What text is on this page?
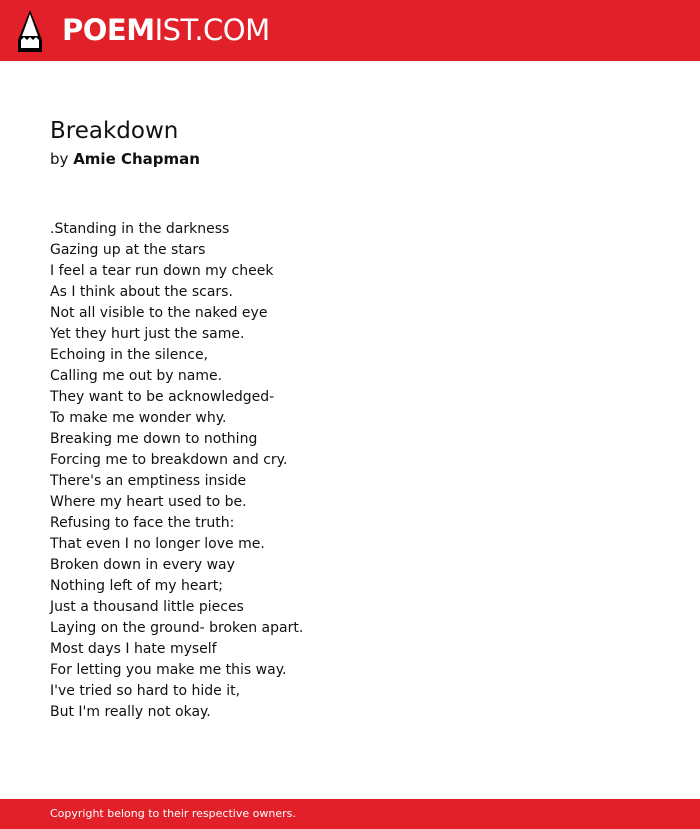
POEMIST.COM
Breakdown
by Amie Chapman
.Standing in the darkness
Gazing up at the stars
I feel a tear run down my cheek
As I think about the scars.
Not all visible to the naked eye
Yet they hurt just the same.
Echoing in the silence,
Calling me out by name.
They want to be acknowledged-
To make me wonder why.
Breaking me down to nothing
Forcing me to breakdown and cry.
There's an emptiness inside
Where my heart used to be.
Refusing to face the truth:
That even I no longer love me.
Broken down in every way
Nothing left of my heart;
Just a thousand little pieces
Laying on the ground- broken apart.
Most days I hate myself
For letting you make me this way.
I've tried so hard to hide it,
But I'm really not okay.
Copyright belong to their respective owners.
